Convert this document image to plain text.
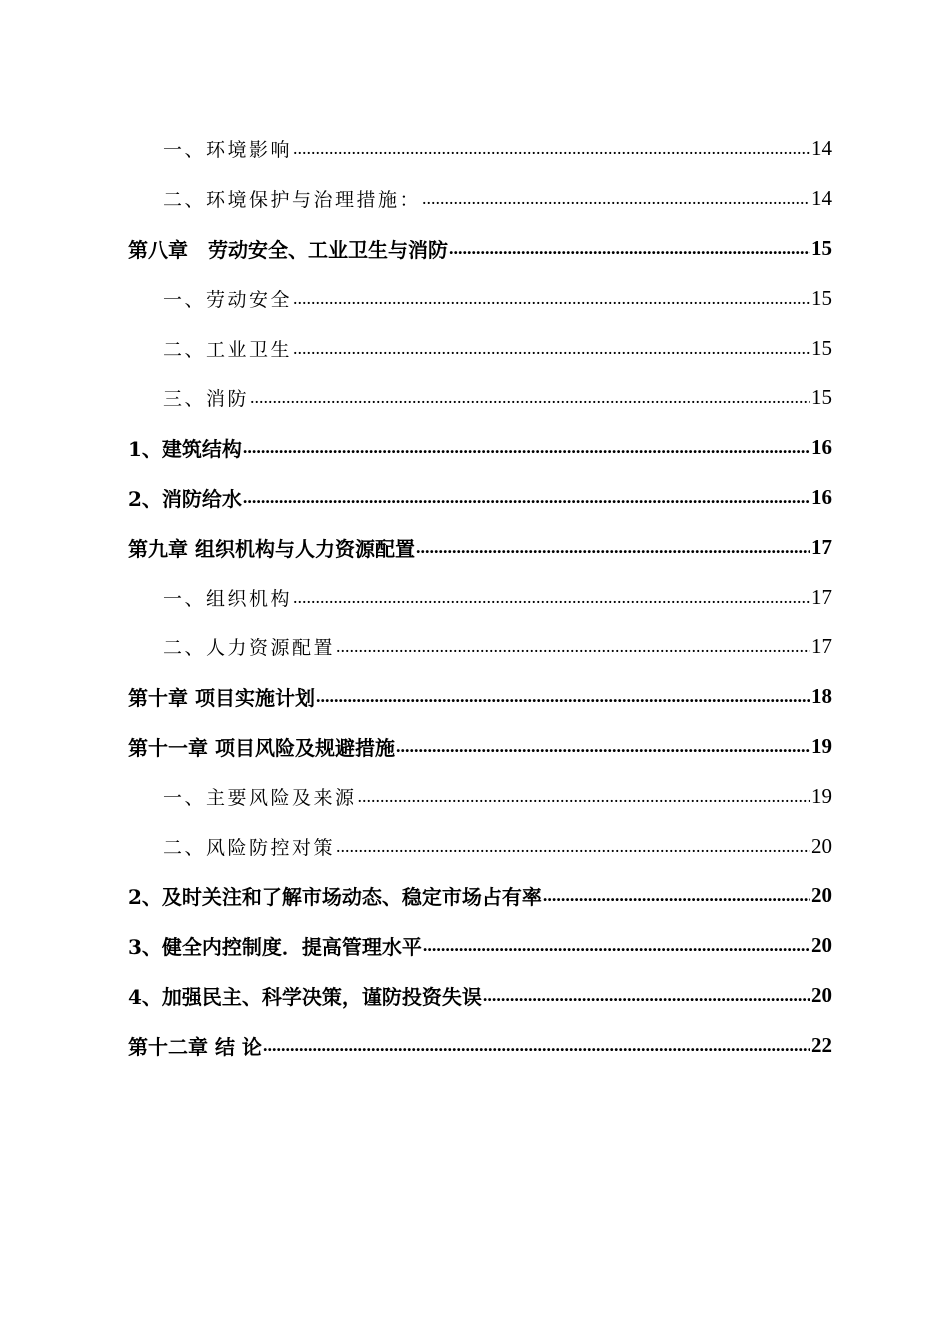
一、环境影响 .....	14
二、环境保护与治理措施： .....	14
第八章　劳动安全、工业卫生与消防 .....	15
一、劳动安全 .....	15
二、工业卫生 .....	15
三、消防 .....	15
1、建筑结构 .....	16
2、消防给水 .....	16
第九章 组织机构与人力资源配置 .....	17
一、组织机构 .....	17
二、人力资源配置 .....	17
第十章 项目实施计划 .....	18
第十一章 项目风险及规避措施 .....	19
一、主要风险及来源 .....	19
二、风险防控对策 .....	20
2、及时关注和了解市场动态、稳定市场占有率 .....	20
3、健全内控制度．提高管理水平 .....	20
4、加强民主、科学决策，谨防投资失误 .....	20
第十二章 结 论 .....	22
